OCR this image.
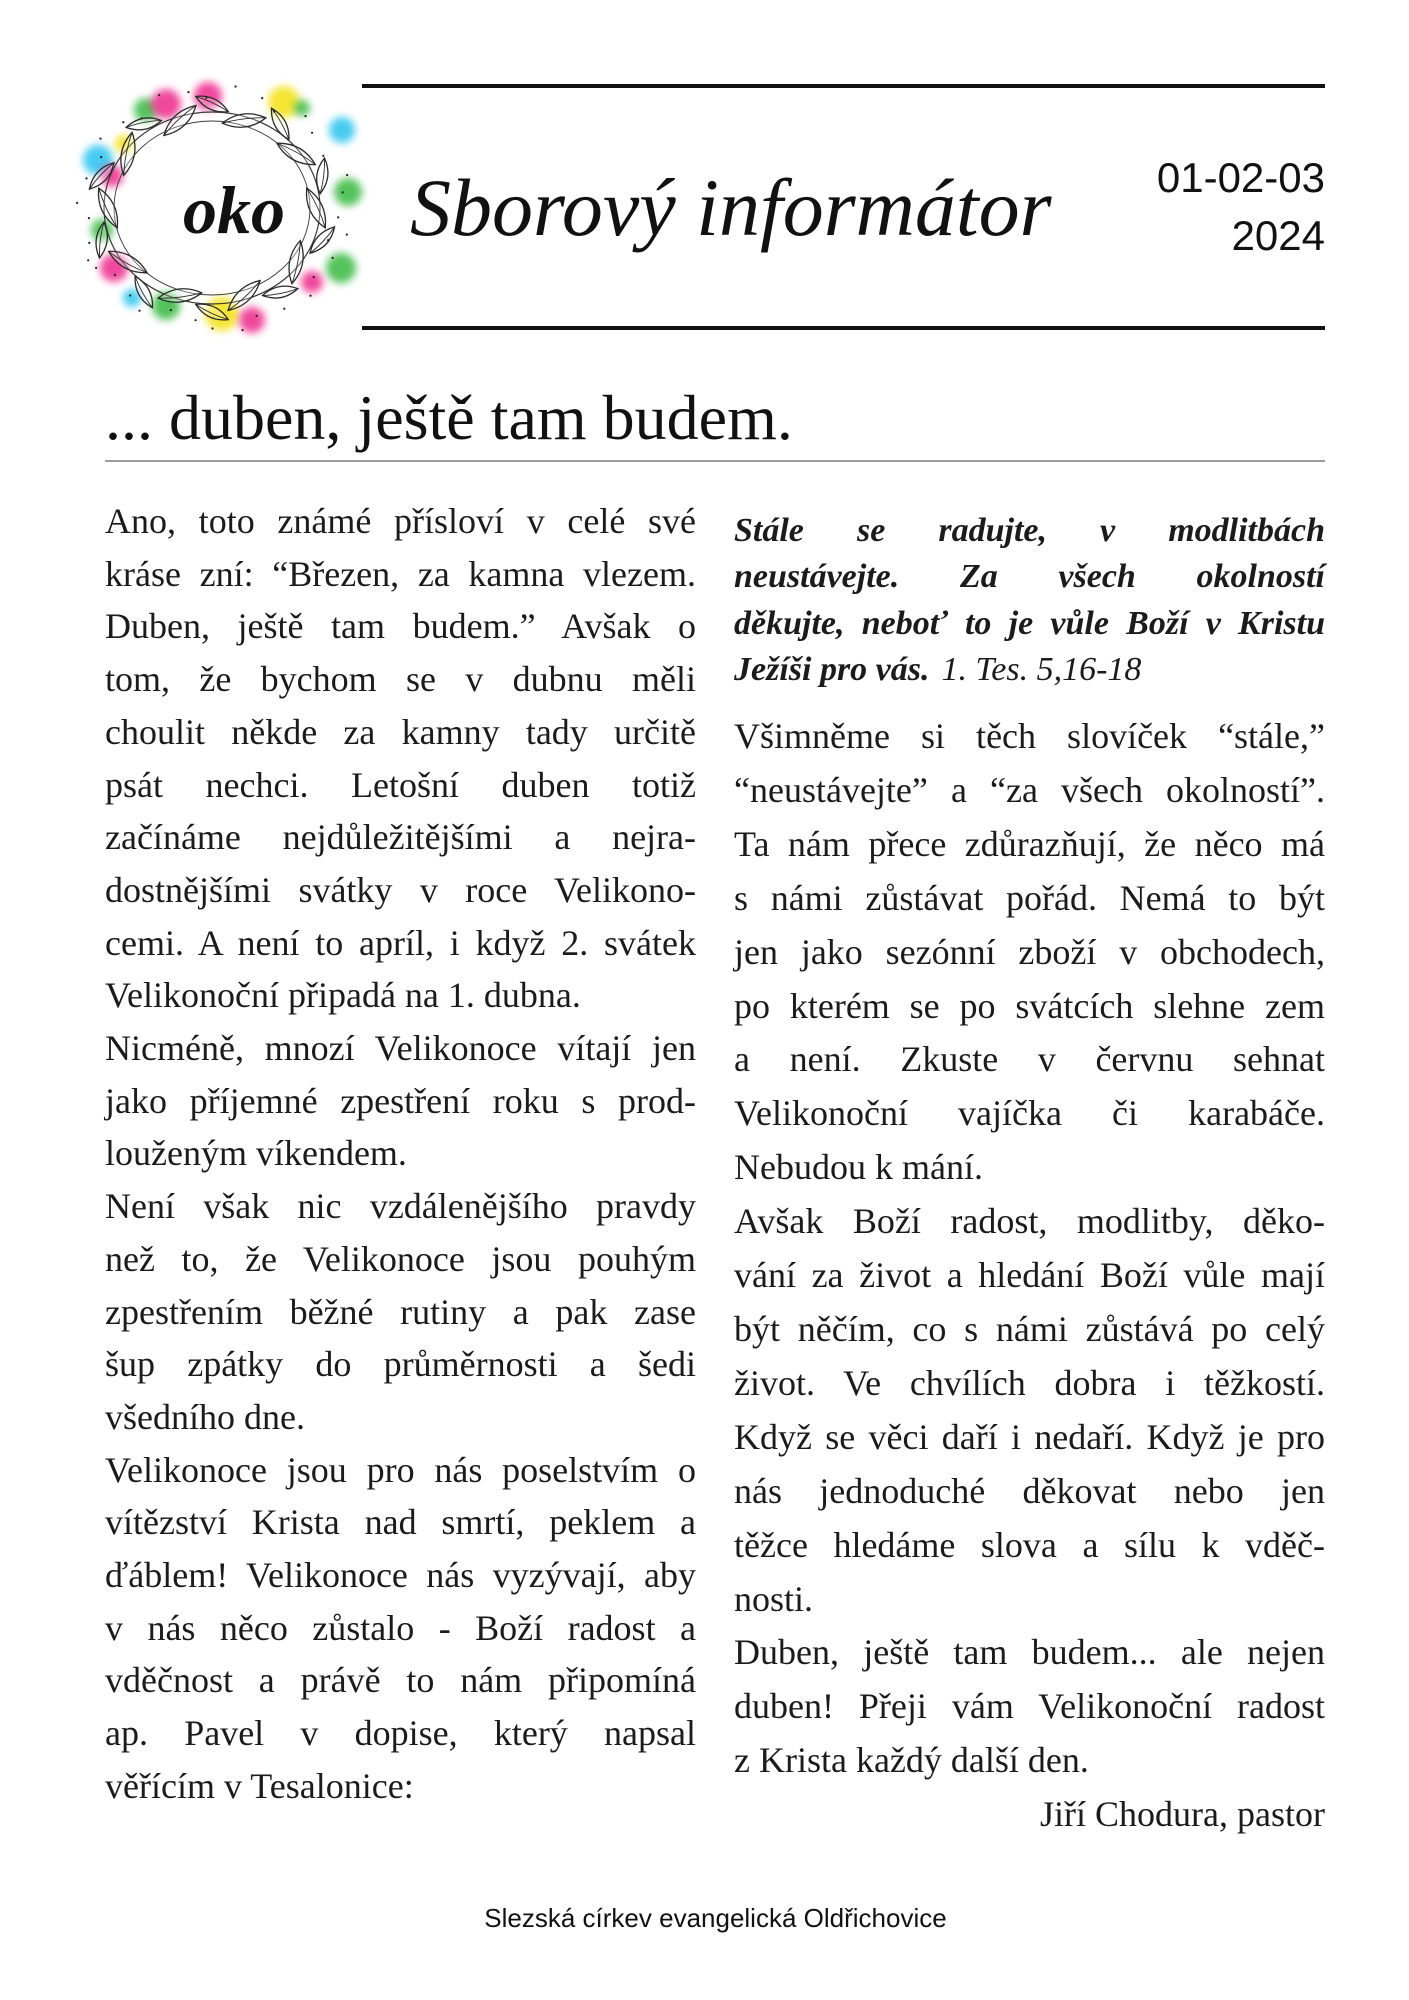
oko	Sborový informátor	01-02-03
2024
... duben, ještě tam budem.
Ano, toto známé přísloví v celé své
kráse zní: “Březen, za kamna vlezem.
Duben, ještě tam budem.” Avšak o
tom, že bychom se v dubnu měli
choulit někde za kamny tady určitě
psát nechci. Letošní duben totiž
začínáme nejdůležitějšími a nejra-
dostnějšími svátky v roce Velikono-
cemi. A není to apríl, i když 2. svátek
Velikonoční připadá na 1. dubna.
Nicméně, mnozí Velikonoce vítají jen
jako příjemné zpestření roku s prod-
louženým víkendem.
Není však nic vzdálenějšího pravdy
než to, že Velikonoce jsou pouhým
zpestřením běžné rutiny a pak zase
šup zpátky do průměrnosti a šedi
všedního dne.
Velikonoce jsou pro nás poselstvím o
vítězství Krista nad smrtí, peklem a
ďáblem! Velikonoce nás vyzývají, aby
v nás něco zůstalo - Boží radost a
vděčnost a právě to nám připomíná
ap. Pavel v dopise, který napsal
věřícím v Tesalonice:
Stále se radujte, v modlitbách
neustávejte. Za všech okolností
děkujte, neboť to je vůle Boží v Kristu
Ježíši pro vás. 1. Tes. 5,16-18
Všimněme si těch slovíček “stále,”
“neustávejte” a “za všech okolností”.
Ta nám přece zdůrazňují, že něco má
s námi zůstávat pořád. Nemá to být
jen jako sezónní zboží v obchodech,
po kterém se po svátcích slehne zem
a není. Zkuste v červnu sehnat
Velikonoční vajíčka či karabáče.
Nebudou k mání.
Avšak Boží radost, modlitby, děko-
vání za život a hledání Boží vůle mají
být něčím, co s námi zůstává po celý
život. Ve chvílích dobra i těžkostí.
Když se věci daří i nedaří. Když je pro
nás jednoduché děkovat nebo jen
těžce hledáme slova a sílu k vděč-
nosti.
Duben, ještě tam budem... ale nejen
duben! Přeji vám Velikonoční radost
z Krista každý další den.
Jiří Chodura, pastor
Slezská církev evangelická Oldřichovice
